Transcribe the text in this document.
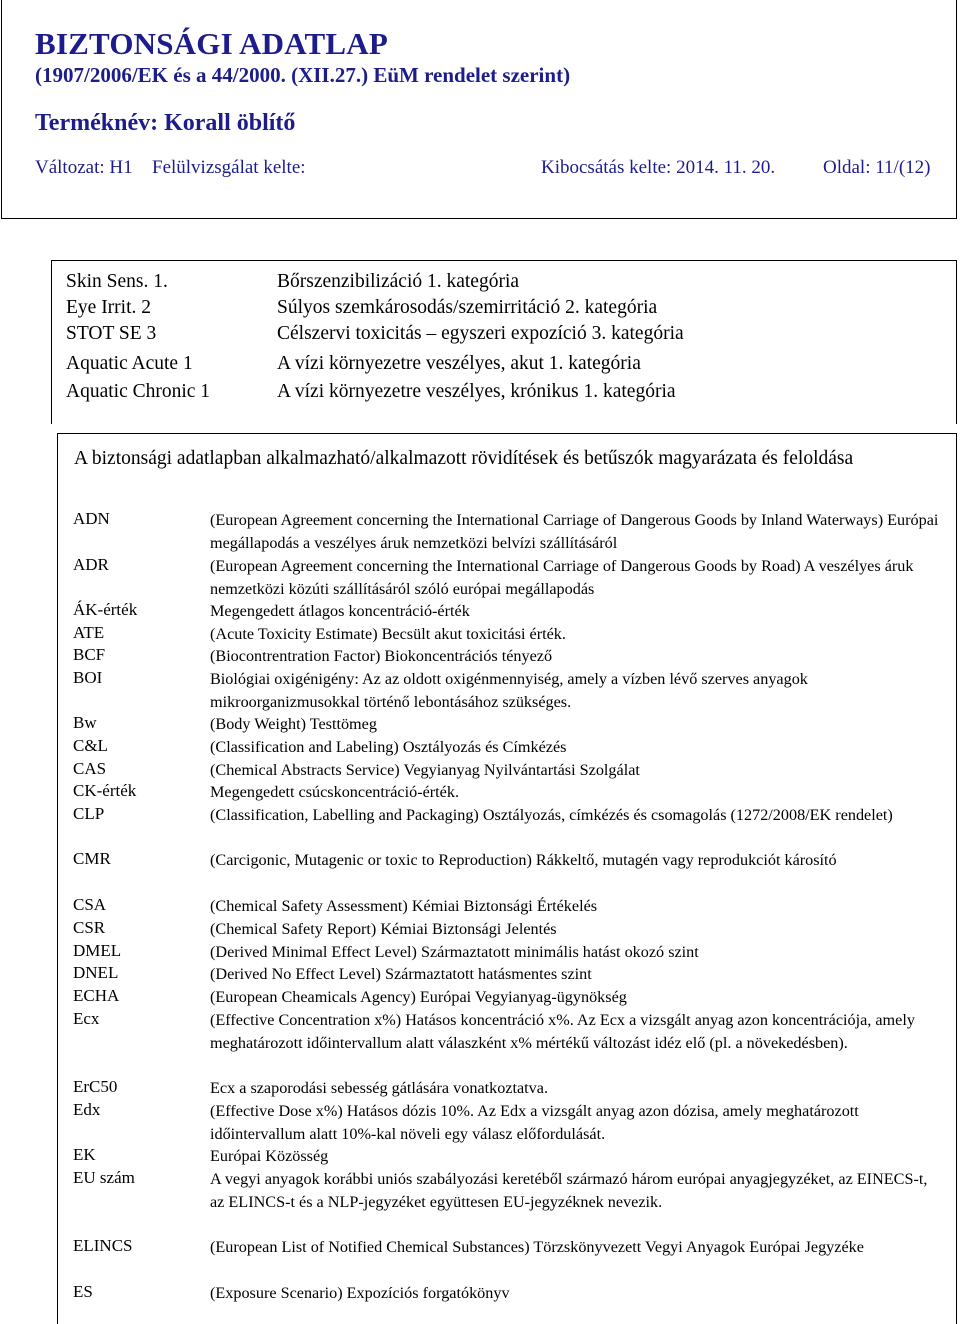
BIZTONSÁGI ADATLAP
(1907/2006/EK és a 44/2000. (XII.27.) EüM rendelet szerint)
Terméknév: Korall öblítő
Változat: H1 Felülvizsgálat kelte:	Kibocsátás kelte: 2014. 11. 20.	Oldal: 11/(12)
Skin Sens. 1.	Bőrszenzibilizáció 1. kategória
Eye Irrit. 2	Súlyos szemkárosodás/szemirritáció 2. kategória
STOT SE 3	Célszervi toxicitás – egyszeri expozíció 3. kategória
Aquatic Acute 1	A vízi környezetre veszélyes, akut 1. kategória
Aquatic Chronic 1	A vízi környezetre veszélyes, krónikus 1. kategória
A biztonsági adatlapban alkalmazható/alkalmazott rövidítések és betűszók magyarázata és feloldása
ADN	(European Agreement concerning the International Carriage of Dangerous Goods by Inland Waterways) Európai megállapodás a veszélyes áruk nemzetközi belvízi szállításáról
ADR	(European Agreement concerning the International Carriage of Dangerous Goods by Road) A veszélyes áruk nemzetközi közúti szállításáról szóló európai megállapodás
ÁK-érték	Megengedett átlagos koncentráció-érték
ATE	(Acute Toxicity Estimate) Becsült akut toxicitási érték.
BCF	(Biocontrentration Factor) Biokoncentrációs tényező
BOI	Biológiai oxigénigény: Az az oldott oxigénmennyiség, amely a vízben lévő szerves anyagok mikroorganizmusokkal történő lebontásához szükséges.
Bw	(Body Weight) Testtömeg
C&L	(Classification and Labeling) Osztályozás és Címkézés
CAS	(Chemical Abstracts Service) Vegyianyag Nyilvántartási Szolgálat
CK-érték	Megengedett csúcskoncentráció-érték.
CLP	(Classification, Labelling and Packaging) Osztályozás, címkézés és csomagolás (1272/2008/EK rendelet)
CMR	(Carcigonic, Mutagenic or toxic to Reproduction) Rákkeltő, mutagén vagy reprodukciót károsító
CSA	(Chemical Safety Assessment) Kémiai Biztonsági Értékelés
CSR	(Chemical Safety Report) Kémiai Biztonsági Jelentés
DMEL	(Derived Minimal Effect Level) Származtatott minimális hatást okozó szint
DNEL	(Derived No Effect Level) Származtatott hatásmentes szint
ECHA	(European Cheamicals Agency) Európai Vegyianyag-ügynökség
Ecx	(Effective Concentration x%) Hatásos koncentráció x%. Az Ecx a vizsgált anyag azon koncentrációja, amely meghatározott időintervallum alatt válaszként x% mértékű változást idéz elő (pl. a növekedésben).
ErC50	Ecx a szaporodási sebesség gátlására vonatkoztatva.
Edx	(Effective Dose x%) Hatásos dózis 10%. Az Edx a vizsgált anyag azon dózisa, amely meghatározott időintervallum alatt 10%-kal növeli egy válasz előfordulását.
EK	Európai Közösség
EU szám	A vegyi anyagok korábbi uniós szabályozási keretéből származó három európai anyagjegyzéket, az EINECS-t, az ELINCS-t és a NLP-jegyzéket együttesen EU-jegyzéknek nevezik.
ELINCS	(European List of Notified Chemical Substances) Törzskönyvezett Vegyi Anyagok Európai Jegyzéke
ES	(Exposure Scenario) Expozíciós forgatókönyv
